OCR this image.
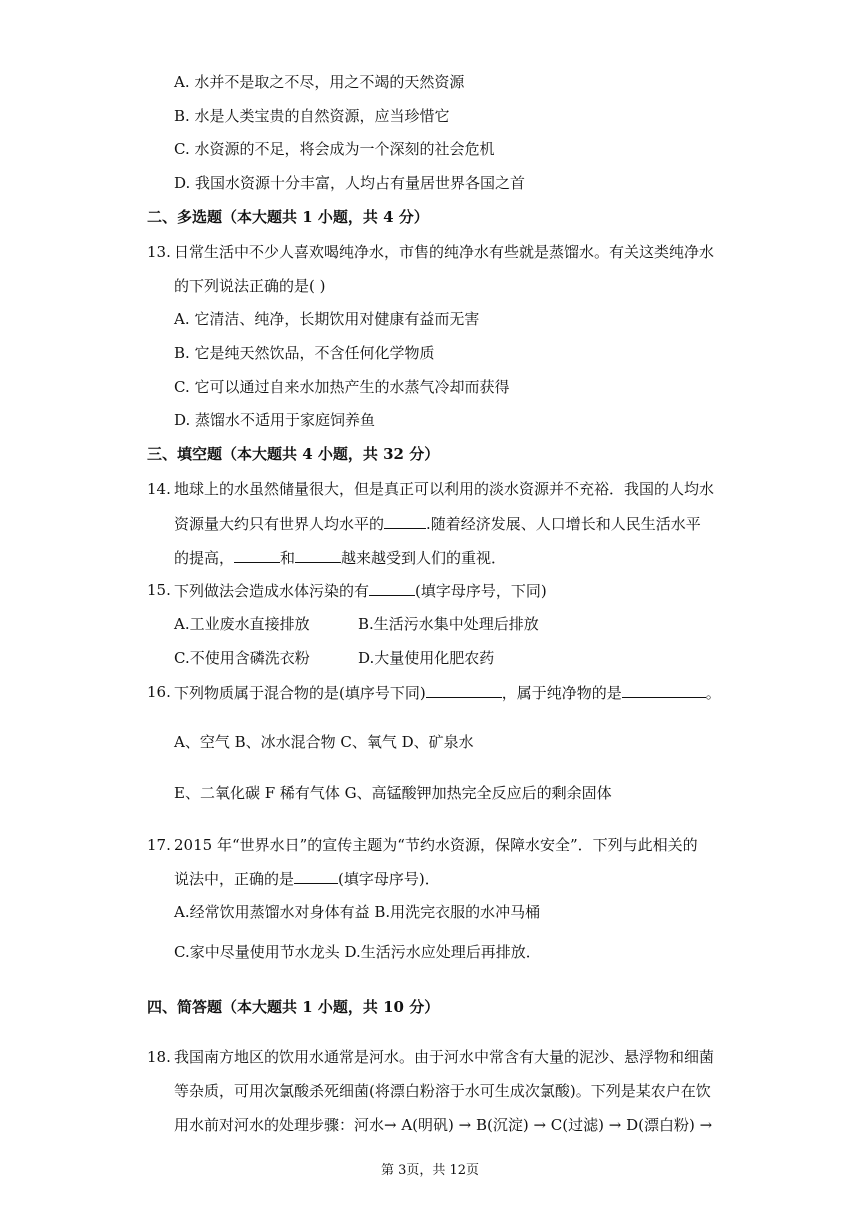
A. 水并不是取之不尽，用之不竭的天然资源
B. 水是人类宝贵的自然资源，应当珍惜它
C. 水资源的不足，将会成为一个深刻的社会危机
D. 我国水资源十分丰富，人均占有量居世界各国之首
二、多选题（本大题共 1 小题，共 4 分）
13. 日常生活中不少人喜欢喝纯净水，市售的纯净水有些就是蒸馏水。有关这类纯净水
的下列说法正确的是( )
A. 它清洁、纯净，长期饮用对健康有益而无害
B. 它是纯天然饮品，不含任何化学物质
C. 它可以通过自来水加热产生的水蒸气冷却而获得
D. 蒸馏水不适用于家庭饲养鱼
三、填空题（本大题共 4 小题，共 32 分）
14. 地球上的水虽然储量很大，但是真正可以利用的淡水资源并不充裕．我国的人均水
资源量大约只有世界人均水平的	.随着经济发展、人口增长和人民生活水平
的提高，	和	越来越受到人们的重视．
15. 下列做法会造成水体污染的有	(填字母序号，下同)
A.工业废水直接排放	B.生活污水集中处理后排放
C.不使用含磷洗衣粉	D.大量使用化肥农药
16. 下列物质属于混合物的是(填序号下同)	，属于纯净物的是	。
A、空气 B、冰水混合物 C、氧气 D、矿泉水
E、二氧化碳 F 稀有气体 G、高锰酸钾加热完全反应后的剩余固体
17. 2015 年“世界水日”的宣传主题为“节约水资源，保障水安全”．下列与此相关的
说法中，正确的是	(填字母序号)．
A.经常饮用蒸馏水对身体有益 B.用洗完衣服的水冲马桶
C.家中尽量使用节水龙头 D.生活污水应处理后再排放．
四、简答题（本大题共 1 小题，共 10 分）
18. 我国南方地区的饮用水通常是河水。由于河水中常含有大量的泥沙、悬浮物和细菌
等杂质，可用次氯酸杀死细菌(将漂白粉溶于水可生成次氯酸)。下列是某农户在饮
用水前对河水的处理步骤：河水→ A(明矾) → B(沉淀) → C(过滤) → D(漂白粉) →
第 3页，共 12页
